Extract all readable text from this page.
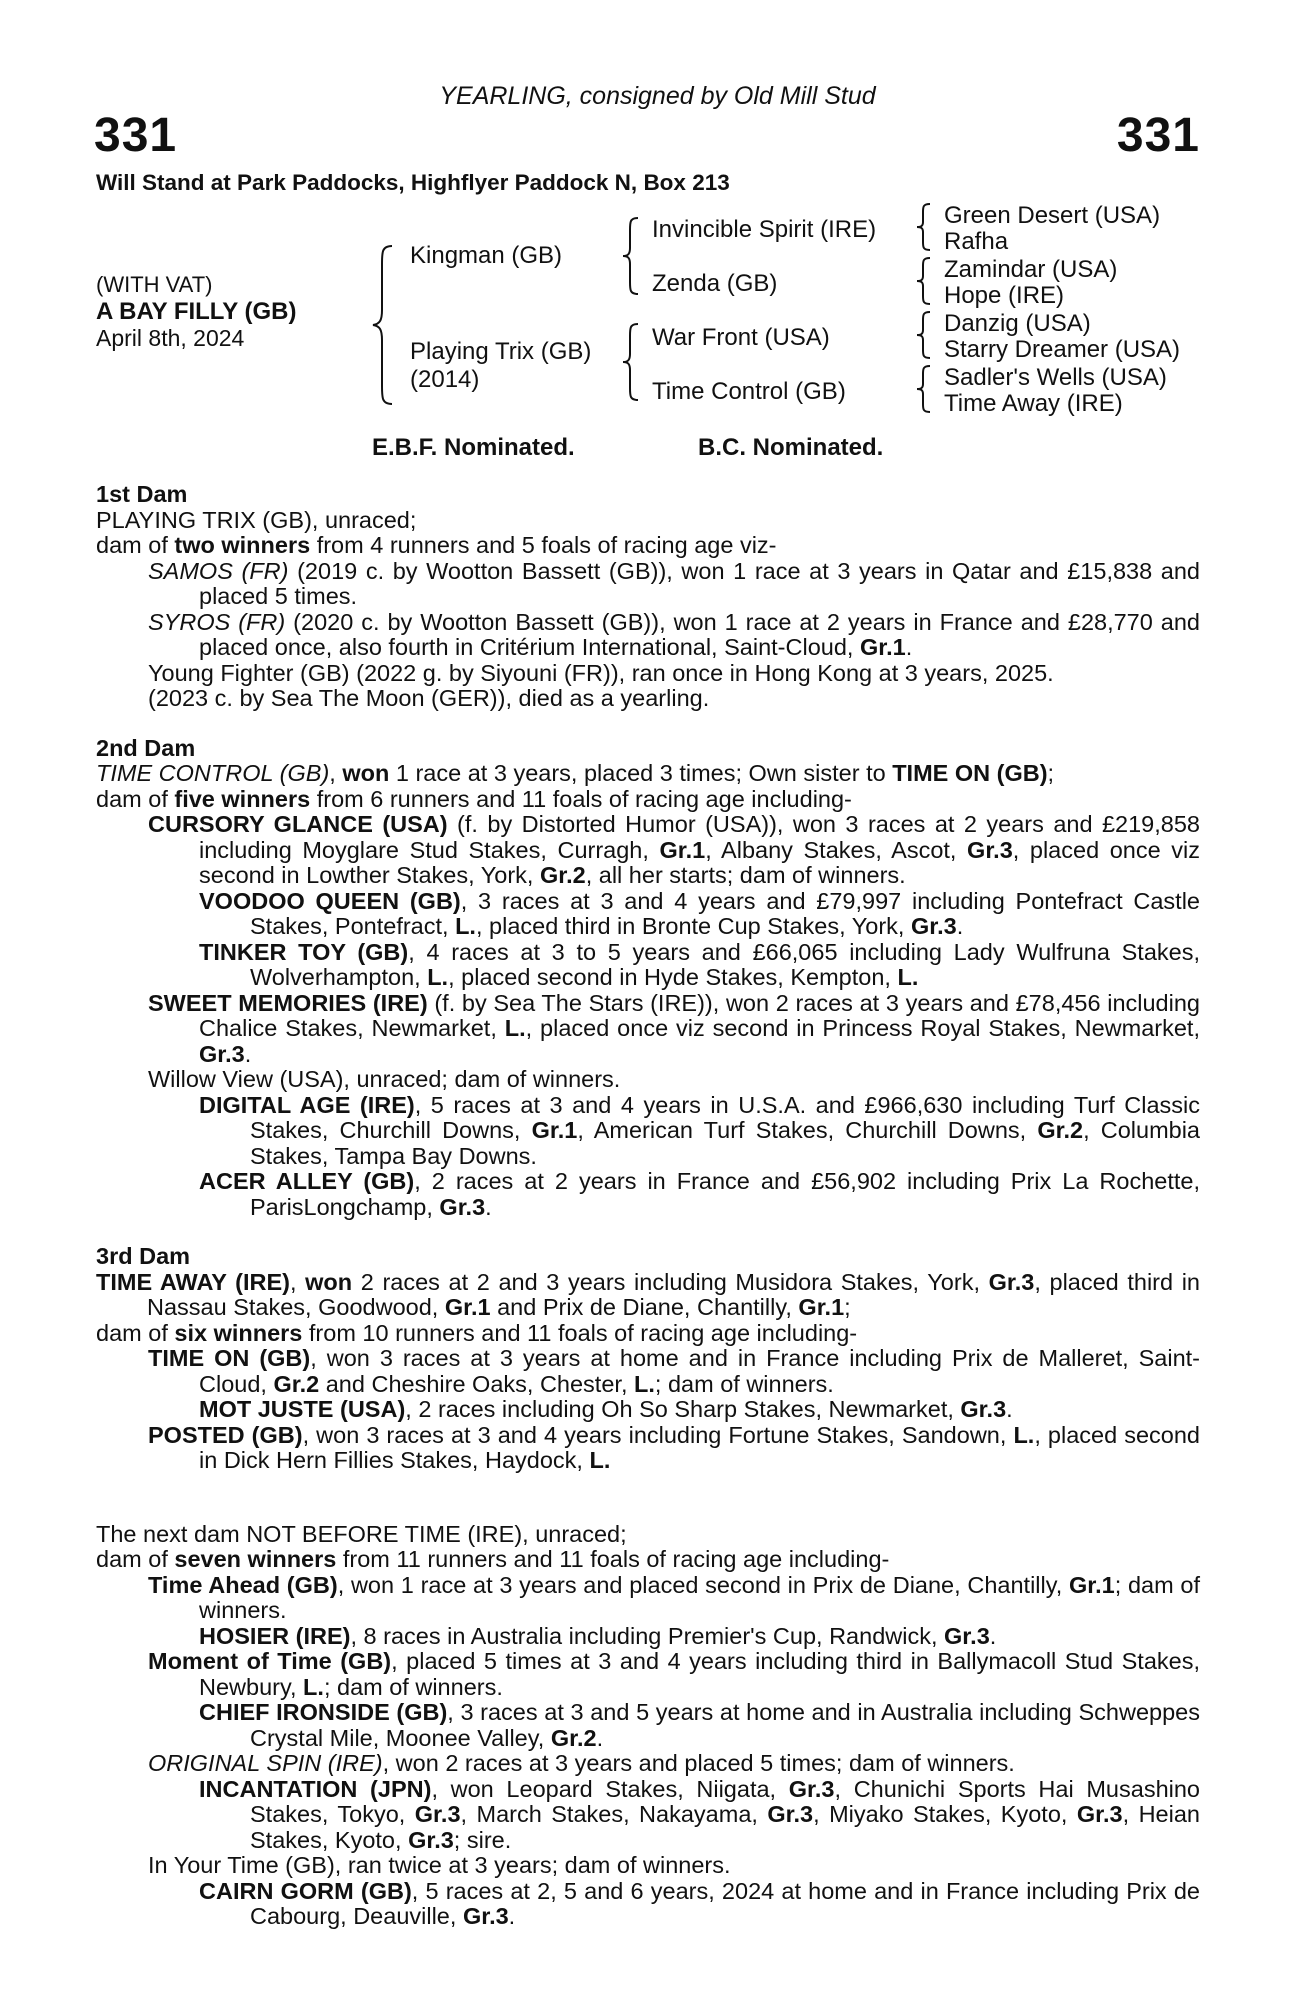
YEARLING, consigned by Old Mill Stud
331	331
Will Stand at Park Paddocks, Highflyer Paddock N, Box 213
(WITH VAT)
A BAY FILLY (GB)
April 8th, 2024
Kingman (GB)
Playing Trix (GB)
(2014)
Invincible Spirit (IRE)
Zenda (GB)
War Front (USA)
Time Control (GB)
Green Desert (USA)
Rafha
Zamindar (USA)
Hope (IRE)
Danzig (USA)
Starry Dreamer (USA)
Sadler's Wells (USA)
Time Away (IRE)
E.B.F. Nominated.	B.C. Nominated.
1st Dam
PLAYING TRIX (GB), unraced;
dam of two winners from 4 runners and 5 foals of racing age viz-
SAMOS (FR) (2019 c. by Wootton Bassett (GB)), won 1 race at 3 years in Qatar and £15,838 and placed 5 times.
SYROS (FR) (2020 c. by Wootton Bassett (GB)), won 1 race at 2 years in France and £28,770 and placed once, also fourth in Critérium International, Saint-Cloud, Gr.1.
Young Fighter (GB) (2022 g. by Siyouni (FR)), ran once in Hong Kong at 3 years, 2025.
(2023 c. by Sea The Moon (GER)), died as a yearling.
2nd Dam
TIME CONTROL (GB), won 1 race at 3 years, placed 3 times; Own sister to TIME ON (GB);
dam of five winners from 6 runners and 11 foals of racing age including-
CURSORY GLANCE (USA) (f. by Distorted Humor (USA)), won 3 races at 2 years and £219,858 including Moyglare Stud Stakes, Curragh, Gr.1, Albany Stakes, Ascot, Gr.3, placed once viz second in Lowther Stakes, York, Gr.2, all her starts; dam of winners.
VOODOO QUEEN (GB), 3 races at 3 and 4 years and £79,997 including Pontefract Castle Stakes, Pontefract, L., placed third in Bronte Cup Stakes, York, Gr.3.
TINKER TOY (GB), 4 races at 3 to 5 years and £66,065 including Lady Wulfruna Stakes, Wolverhampton, L., placed second in Hyde Stakes, Kempton, L.
SWEET MEMORIES (IRE) (f. by Sea The Stars (IRE)), won 2 races at 3 years and £78,456 including Chalice Stakes, Newmarket, L., placed once viz second in Princess Royal Stakes, Newmarket, Gr.3.
Willow View (USA), unraced; dam of winners.
DIGITAL AGE (IRE), 5 races at 3 and 4 years in U.S.A. and £966,630 including Turf Classic Stakes, Churchill Downs, Gr.1, American Turf Stakes, Churchill Downs, Gr.2, Columbia Stakes, Tampa Bay Downs.
ACER ALLEY (GB), 2 races at 2 years in France and £56,902 including Prix La Rochette, ParisLongchamp, Gr.3.
3rd Dam
TIME AWAY (IRE), won 2 races at 2 and 3 years including Musidora Stakes, York, Gr.3, placed third in Nassau Stakes, Goodwood, Gr.1 and Prix de Diane, Chantilly, Gr.1;
dam of six winners from 10 runners and 11 foals of racing age including-
TIME ON (GB), won 3 races at 3 years at home and in France including Prix de Malleret, Saint-Cloud, Gr.2 and Cheshire Oaks, Chester, L.; dam of winners.
MOT JUSTE (USA), 2 races including Oh So Sharp Stakes, Newmarket, Gr.3.
POSTED (GB), won 3 races at 3 and 4 years including Fortune Stakes, Sandown, L., placed second in Dick Hern Fillies Stakes, Haydock, L.
The next dam NOT BEFORE TIME (IRE), unraced;
dam of seven winners from 11 runners and 11 foals of racing age including-
Time Ahead (GB), won 1 race at 3 years and placed second in Prix de Diane, Chantilly, Gr.1; dam of winners.
HOSIER (IRE), 8 races in Australia including Premier's Cup, Randwick, Gr.3.
Moment of Time (GB), placed 5 times at 3 and 4 years including third in Ballymacoll Stud Stakes, Newbury, L.; dam of winners.
CHIEF IRONSIDE (GB), 3 races at 3 and 5 years at home and in Australia including Schweppes Crystal Mile, Moonee Valley, Gr.2.
ORIGINAL SPIN (IRE), won 2 races at 3 years and placed 5 times; dam of winners.
INCANTATION (JPN), won Leopard Stakes, Niigata, Gr.3, Chunichi Sports Hai Musashino Stakes, Tokyo, Gr.3, March Stakes, Nakayama, Gr.3, Miyako Stakes, Kyoto, Gr.3, Heian Stakes, Kyoto, Gr.3; sire.
In Your Time (GB), ran twice at 3 years; dam of winners.
CAIRN GORM (GB), 5 races at 2, 5 and 6 years, 2024 at home and in France including Prix de Cabourg, Deauville, Gr.3.
